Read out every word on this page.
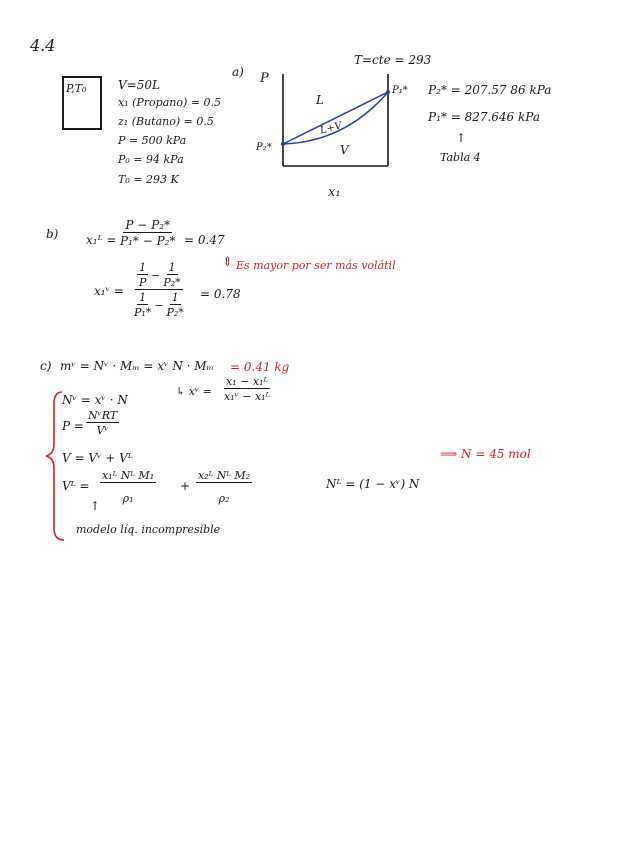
4.4
P,T₀	V=50L
x₁ (Propano) = 0.5
z₁ (Butano) = 0.5
P = 500 kPa
P₀ = 94 kPa
T₀ = 293 K
a)
T=cte = 293
P
x₁
L
L+V
V
P₁*
P₂*
P₂* = 207.57 86 kPa
P₁* = 827.646 kPa
↑
Tabla 4
b) x₁ᴸ = $\frac{\text{P − P₂*}}{\text{P₁* − P₂*}} = 0.47$
⇕ Es mayor por ser más volátil
x₁ᵛ = $\frac{\frac{1}{P} - \frac{1}{\text{P₂*}}}{\frac{1}{\text{P₁*}} - \frac{1}{\text{P₂*}}} = 0.78$
c) mᵛ = Nᵛ · Mₘ = xᵛ N · Mₘ = 0.41 kg
↳ xᵛ = $\frac{\text{x₁ − x₁ᴸ}}{\text{x₁ᵛ − x₁ᴸ}}$
Nᵛ = xᵛ · N
P =
NᵛRT
Vᵛ
V = Vᵛ + Vᴸ
Vᴸ = $\frac{\text{x₁ᴸ Nᴸ M₁}}{\text{ρ₁}} + \frac{\text{x₂ᴸ Nᴸ M₂}}{\text{ρ₂}}$
↑
Nᴸ = (1 − xᵛ) N
⟹ N = 45 mol
modelo líq. incompresible
